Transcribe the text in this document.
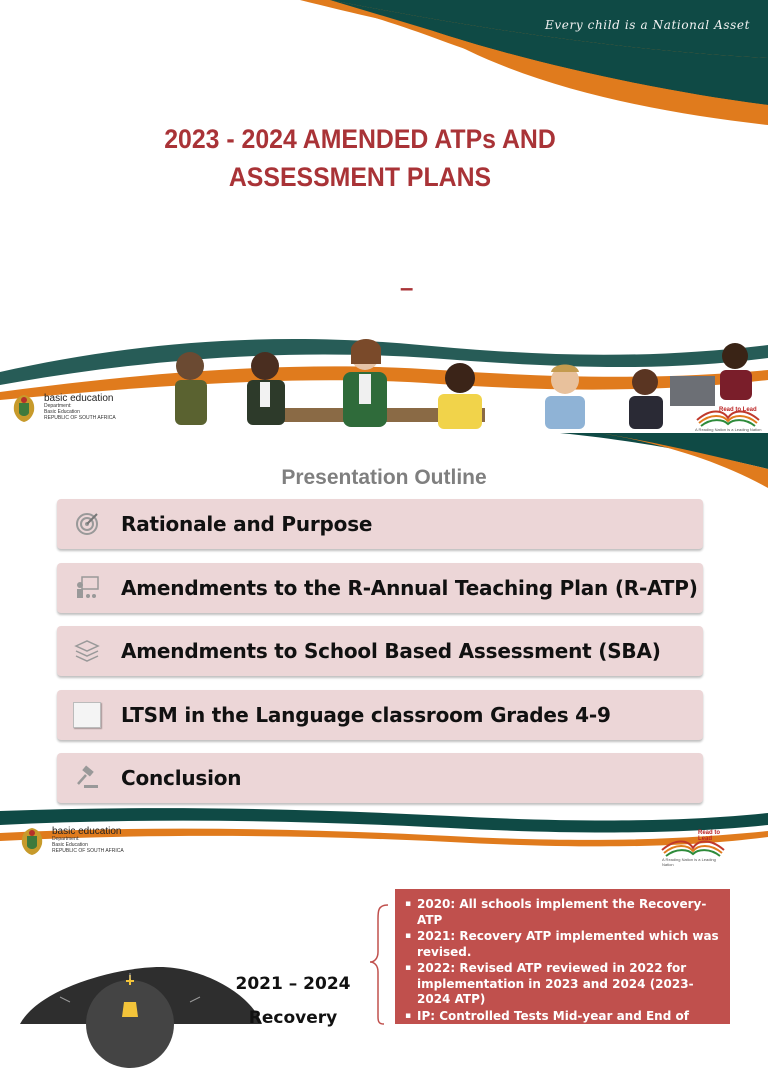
Every child is a National Asset
2023 - 2024 AMENDED ATPs AND
ASSESSMENT PLANS
–
basic education
Department:
Basic Education
REPUBLIC OF SOUTH AFRICA
Read to Lead
A Reading Nation is a Leading Nation
Presentation Outline
Rationale and Purpose
Amendments to the R-Annual Teaching Plan (R-ATP)
Amendments to School Based Assessment (SBA)
LTSM in the Language classroom Grades 4-9
Conclusion
basic education
Department:
Basic Education
REPUBLIC OF SOUTH AFRICA
Read to Lead
A Reading Nation is a Leading Nation
▪ 2020: All schools implement the Recovery- ATP
▪ 2021: Recovery ATP implemented which was revised.
▪ 2022: Revised ATP reviewed in 2022 for implementation in 2023 and 2024 (2023-2024 ATP)
▪ IP: Controlled Tests Mid-year and End of Year
▪ SP: Controlled Tests replaced by Exams Mid-year and End of Year
2021 – 2024
Recovery
